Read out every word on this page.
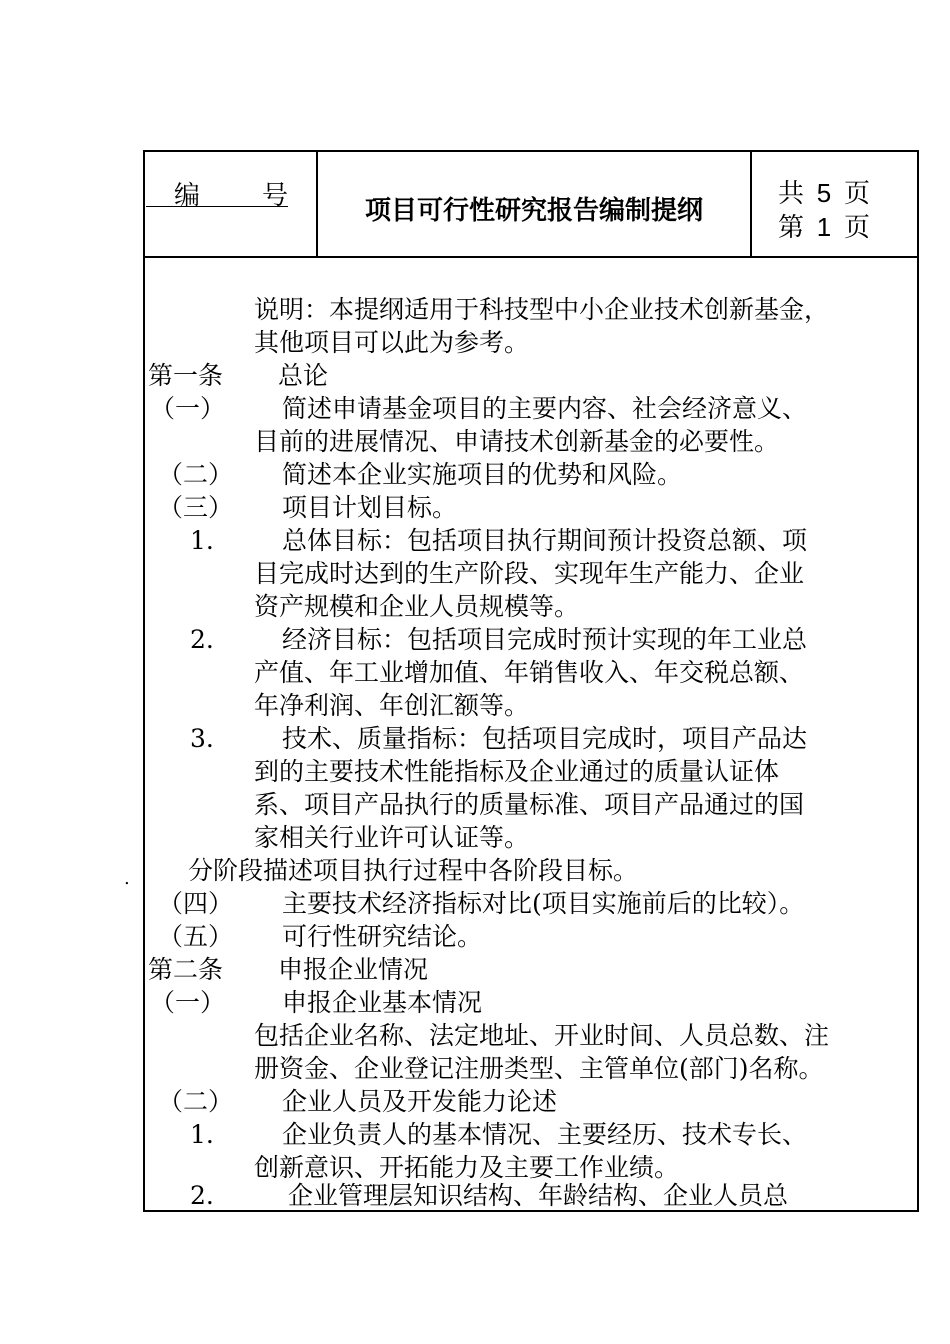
编 号	项目可行性研究报告编制提纲
共 5 页
第 1 页
说明：本提纲适用于科技型中小企业技术创新基金，
其他项目可以此为参考。
第一条 总论
（一） 简述申请基金项目的主要内容、社会经济意义、
目前的进展情况、申请技术创新基金的必要性。
（二） 简述本企业实施项目的优势和风险。
（三） 项目计划目标。
1.	总体目标：包括项目执行期间预计投资总额、项
目完成时达到的生产阶段、实现年生产能力、企业
资产规模和企业人员规模等。
2.	经济目标：包括项目完成时预计实现的年工业总
产值、年工业增加值、年销售收入、年交税总额、
年净利润、年创汇额等。
3.	技术、质量指标：包括项目完成时，项目产品达
到的主要技术性能指标及企业通过的质量认证体
系、项目产品执行的质量标准、项目产品通过的国
家相关行业许可认证等。
分阶段描述项目执行过程中各阶段目标。
（四） 主要技术经济指标对比(项目实施前后的比较）。
（五） 可行性研究结论。
第二条 申报企业情况
（一） 申报企业基本情况
包括企业名称、法定地址、开业时间、人员总数、注
册资金、企业登记注册类型、主管单位(部门)名称。
（二） 企业人员及开发能力论述
1.	企业负责人的基本情况、主要经历、技术专长、
创新意识、开拓能力及主要工作业绩。
2.	企业管理层知识结构、年龄结构、企业人员总
.
